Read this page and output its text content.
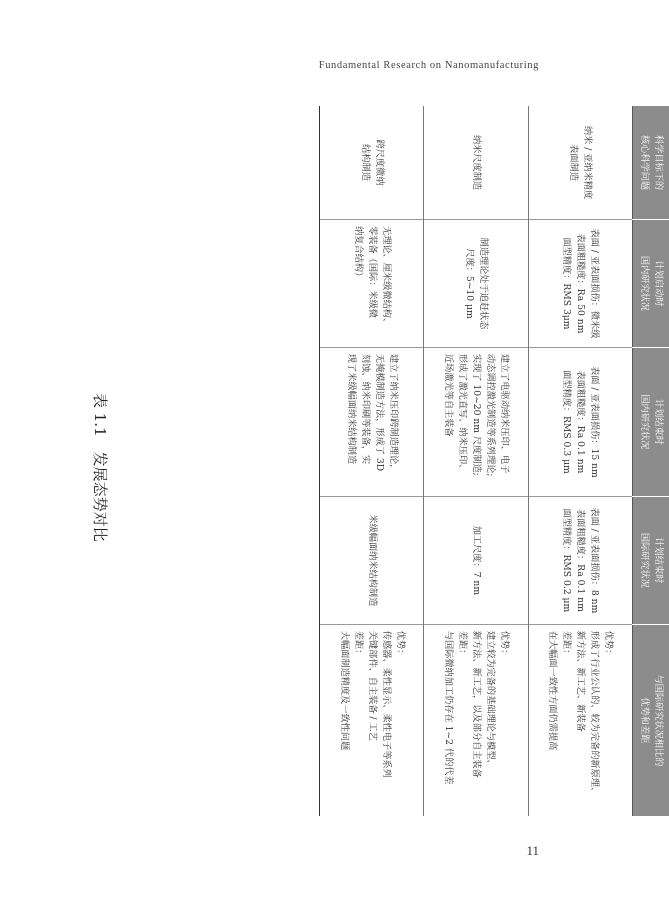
Fundamental Research on Nanomanufacturing
表 1.1　发展态势对比
科学目标下的
核心科学问题	计划启动时
国内研究状况	计划结束时
国内研究状况	计划结束时
国际研究状况	与国际研究状况相比的
优势和差距

纳米 / 亚纳米精度
表面制造	表面 / 亚表面损伤：微米级
表面粗糙度：Ra 50 nm
面型精度：RMS 3μm	表面 / 亚表面损伤：15 nm
表面粗糙度：Ra 0.1 nm
面型精度：RMS 0.3 μm	表面 / 亚表面损伤：8 nm
表面粗糙度：Ra 0.1 nm
面型精度：RMS 0.2 μm	优势：
形成了行业公认的、较为完备的新原理、
新方法、新工艺、新装备
差距：
在大幅面一致性方面仍需提高

纳米尺度制造	制造理论处于追赶状态
尺度：5~10 μm	建立了电驱动纳米压印、电子
动态调控激光制造等系列理论;
实现了 10~20 nm 尺度制造;
形成了激光直写、纳米压印、
近场激光等自主装备	加工尺度：7 nm	优势：
建立较为完备的基础理论与模型、
新方法、新工艺，以及部分自主装备
差距：
与国际微纳加工仍存在 1~2 代的代差

跨尺度微纳
结构制造	无理论、厘米级微结构、
零装备（国际：米级微
纳复合结构）	建立了纳米压印跨制造理论，
无掩模制造方法，形成了 3D
刻蚀、纳米印刷等装备，实
现了米级幅面纳米结构制造	米级幅面纳米结构制造	优势：
传感器、柔性显示、柔性电子等系列
关键部件、自主装备 / 工艺
差距：
大幅面制造精度及一致性问题
11
